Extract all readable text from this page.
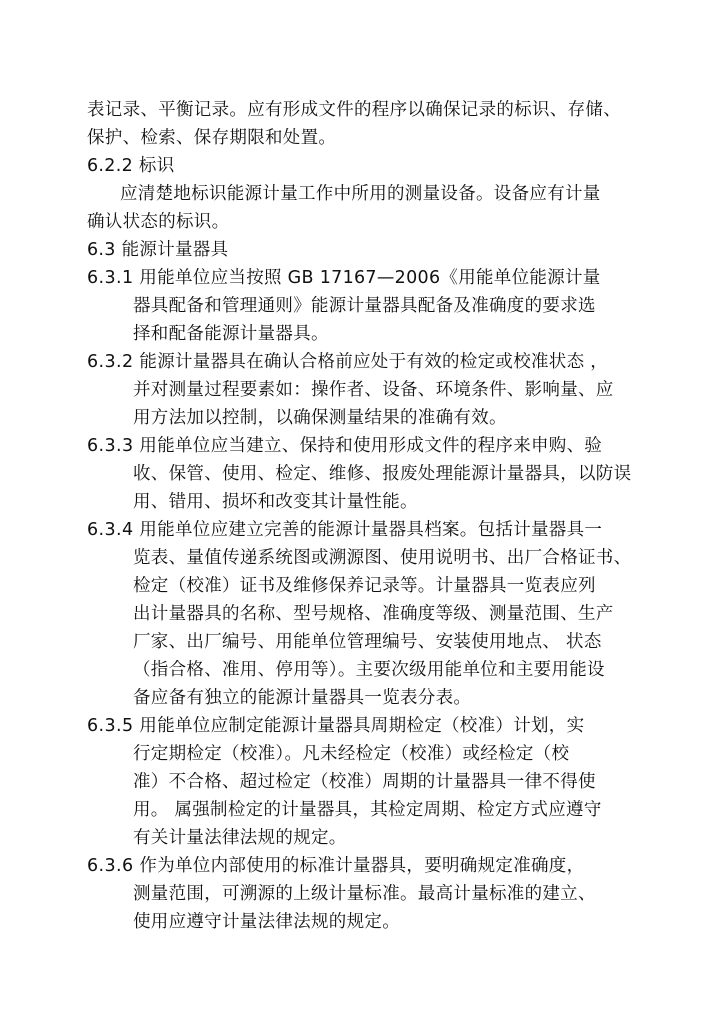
表记录、平衡记录。应有形成文件的程序以确保记录的标识、存储、
保护、检索、保存期限和处置。
6.2.2 标识
应清楚地标识能源计量工作中所用的测量设备。设备应有计量
确认状态的标识。
6.3 能源计量器具
6.3.1 用能单位应当按照 GB 17167—2006《用能单位能源计量
器具配备和管理通则》能源计量器具配备及准确度的要求选
择和配备能源计量器具。
6.3.2 能源计量器具在确认合格前应处于有效的检定或校准状态 ，
并对测量过程要素如：操作者、设备、环境条件、影响量、应
用方法加以控制，以确保测量结果的准确有效。
6.3.3 用能单位应当建立、保持和使用形成文件的程序来申购、验
收、保管、使用、检定、维修、报废处理能源计量器具，以防误
用、错用、损坏和改变其计量性能。
6.3.4 用能单位应建立完善的能源计量器具档案。包括计量器具一
览表、量值传递系统图或溯源图、使用说明书、出厂合格证书、
检定（校准）证书及维修保养记录等。计量器具一览表应列
出计量器具的名称、型号规格、准确度等级、测量范围、生产
厂家、出厂编号、用能单位管理编号、安装使用地点、 状态
（指合格、准用、停用等）。主要次级用能单位和主要用能设
备应备有独立的能源计量器具一览表分表。
6.3.5 用能单位应制定能源计量器具周期检定（校准）计划，实
行定期检定（校准）。凡未经检定（校准）或经检定（校
准）不合格、超过检定（校准）周期的计量器具一律不得使
用。 属强制检定的计量器具，其检定周期、检定方式应遵守
有关计量法律法规的规定。
6.3.6 作为单位内部使用的标准计量器具，要明确规定准确度，
测量范围，可溯源的上级计量标准。最高计量标准的建立、
使用应遵守计量法律法规的规定。
